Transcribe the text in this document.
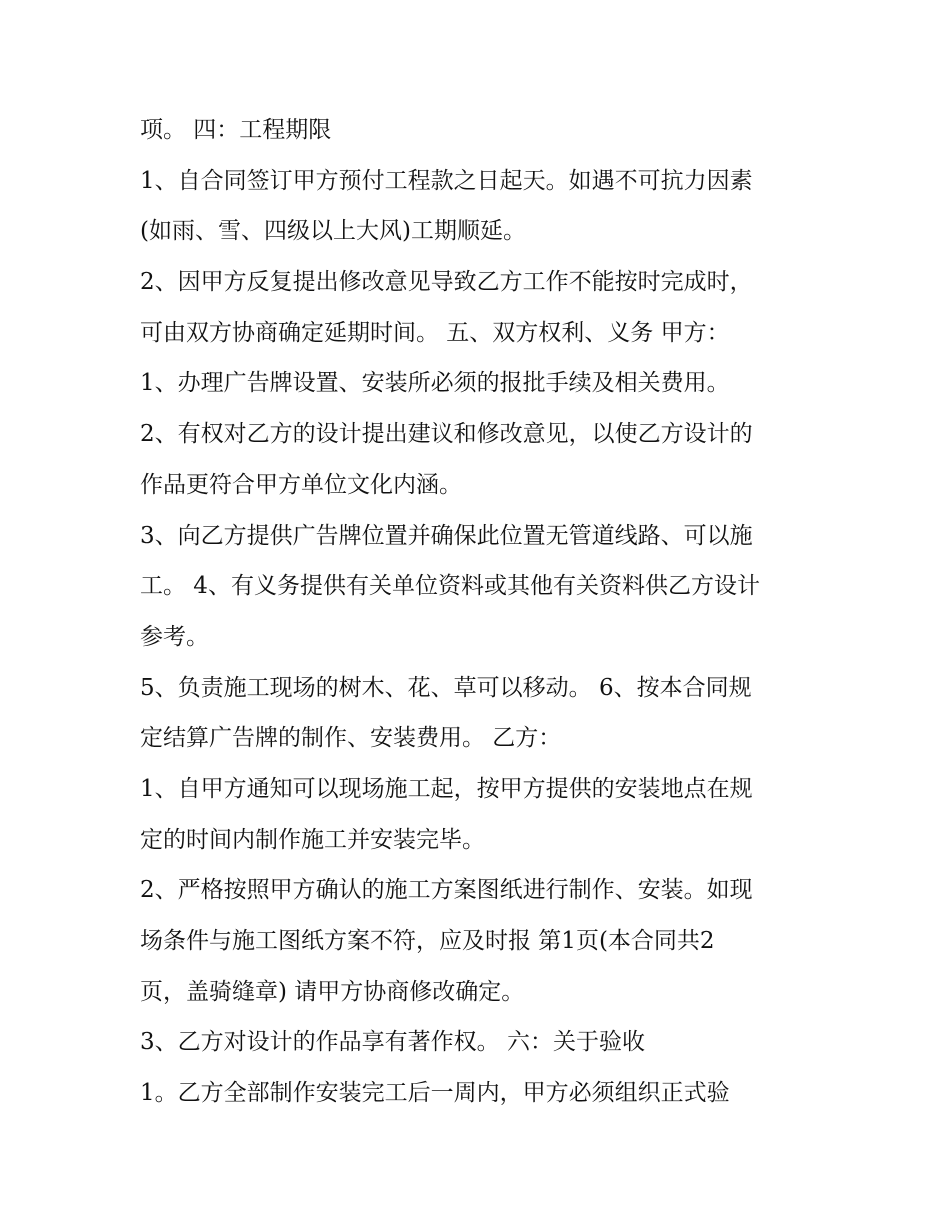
项。 四：工程期限
1、自合同签订甲方预付工程款之日起天。如遇不可抗力因素
(如雨、雪、四级以上大风)工期顺延。
2、因甲方反复提出修改意见导致乙方工作不能按时完成时，
可由双方协商确定延期时间。 五、双方权利、义务 甲方：
1、办理广告牌设置、安装所必须的报批手续及相关费用。
2、有权对乙方的设计提出建议和修改意见，以使乙方设计的
作品更符合甲方单位文化内涵。
3、向乙方提供广告牌位置并确保此位置无管道线路、可以施
工。 4、有义务提供有关单位资料或其他有关资料供乙方设计
参考。
5、负责施工现场的树木、花、草可以移动。 6、按本合同规
定结算广告牌的制作、安装费用。 乙方：
1、自甲方通知可以现场施工起，按甲方提供的安装地点在规
定的时间内制作施工并安装完毕。
2、严格按照甲方确认的施工方案图纸进行制作、安装。如现
场条件与施工图纸方案不符，应及时报 第1页(本合同共2
页，盖骑缝章) 请甲方协商修改确定。
3、乙方对设计的作品享有著作权。 六：关于验收
1。乙方全部制作安装完工后一周内，甲方必须组织正式验
